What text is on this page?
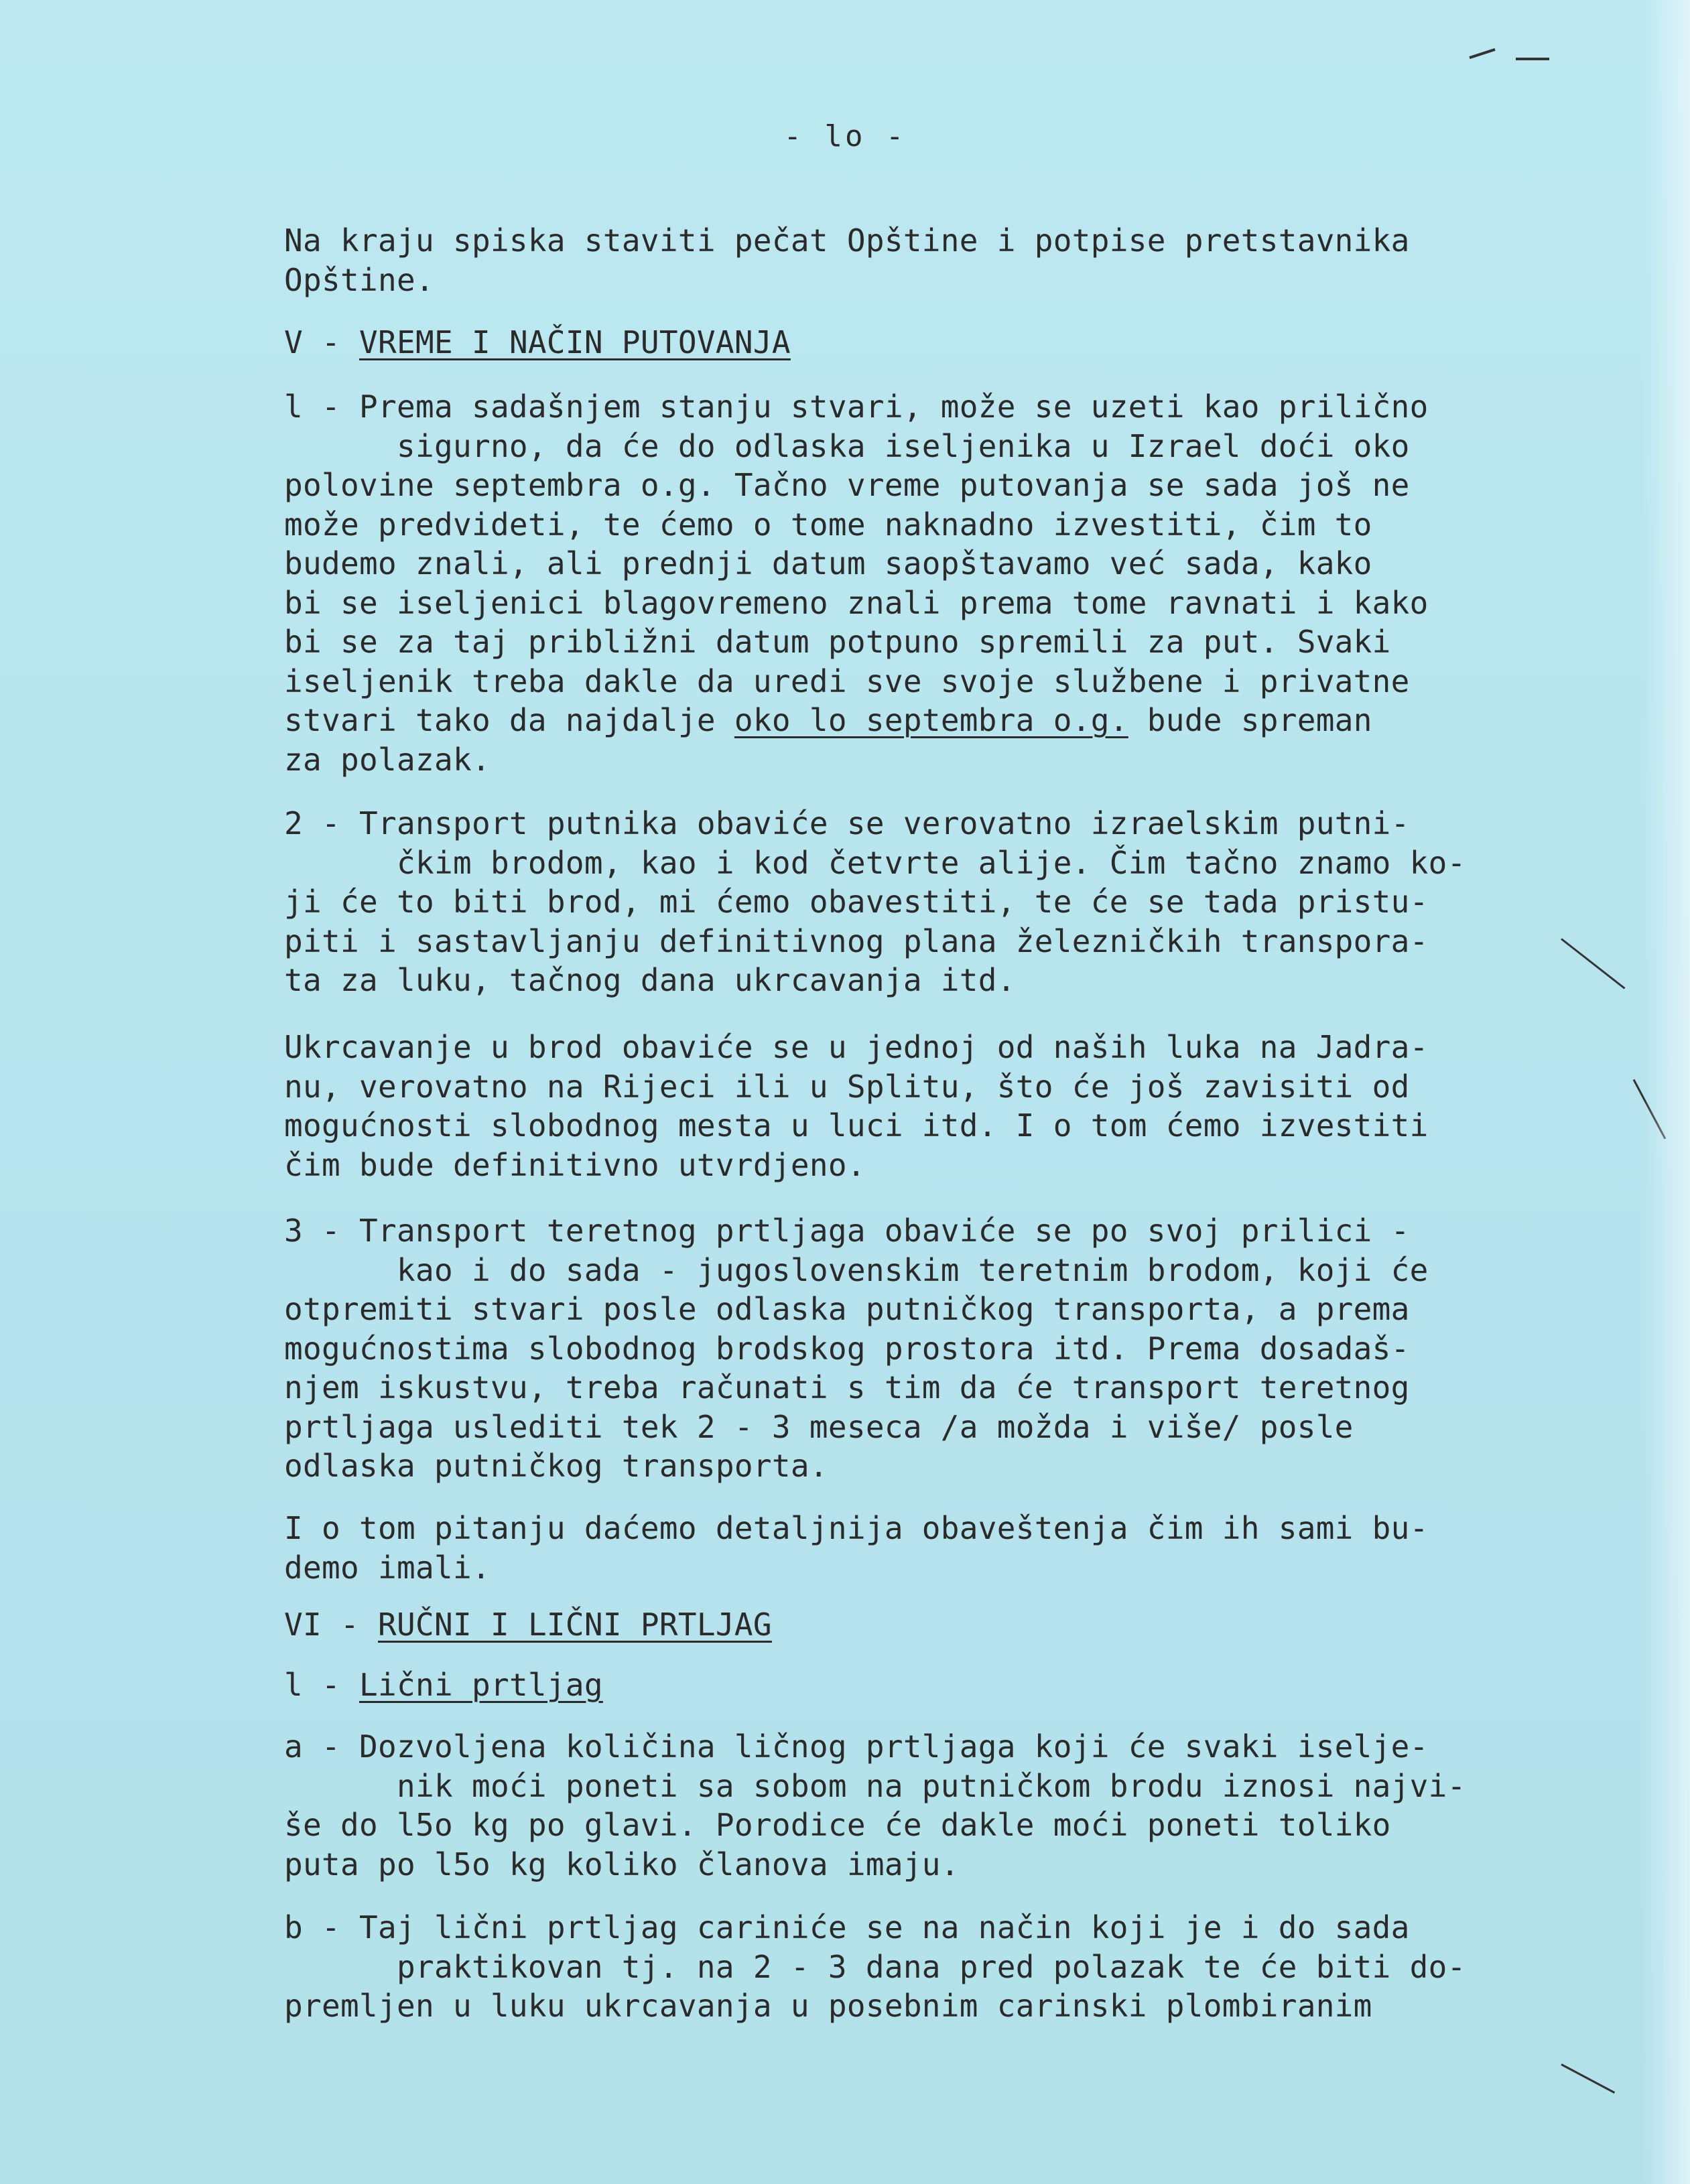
- lo -
Na kraju spiska staviti pečat Opštine i potpise pretstavnika
Opštine.
V - VREME I NAČIN PUTOVANJA
l - Prema sadašnjem stanju stvari, može se uzeti kao prilično
sigurno, da će do odlaska iseljenika u Izrael doći oko
polovine septembra o.g. Tačno vreme putovanja se sada još ne
može predvideti, te ćemo o tome naknadno izvestiti, čim to
budemo znali, ali prednji datum saopštavamo već sada, kako
bi se iseljenici blagovremeno znali prema tome ravnati i kako
bi se za taj približni datum potpuno spremili za put. Svaki
iseljenik treba dakle da uredi sve svoje službene i privatne
stvari tako da najdalje oko lo septembra o.g. bude spreman
za polazak.
2 - Transport putnika obaviće se verovatno izraelskim putni-
čkim brodom, kao i kod četvrte alije. Čim tačno znamo ko-
ji će to biti brod, mi ćemo obavestiti, te će se tada pristu-
piti i sastavljanju definitivnog plana železničkih transpora-
ta za luku, tačnog dana ukrcavanja itd.
Ukrcavanje u brod obaviće se u jednoj od naših luka na Jadra-
nu, verovatno na Rijeci ili u Splitu, što će još zavisiti od
mogućnosti slobodnog mesta u luci itd. I o tom ćemo izvestiti
čim bude definitivno utvrdjeno.
3 - Transport teretnog prtljaga obaviće se po svoj prilici -
kao i do sada - jugoslovenskim teretnim brodom, koji će
otpremiti stvari posle odlaska putničkog transporta, a prema
mogućnostima slobodnog brodskog prostora itd. Prema dosadaš-
njem iskustvu, treba računati s tim da će transport teretnog
prtljaga uslediti tek 2 - 3 meseca /a možda i više/ posle
odlaska putničkog transporta.
I o tom pitanju daćemo detaljnija obaveštenja čim ih sami bu-
demo imali.
VI - RUČNI I LIČNI PRTLJAG
l - Lični prtljag
a - Dozvoljena količina ličnog prtljaga koji će svaki iselje-
nik moći poneti sa sobom na putničkom brodu iznosi najvi-
še do l5o kg po glavi. Porodice će dakle moći poneti toliko
puta po l5o kg koliko članova imaju.
b - Taj lični prtljag cariniće se na način koji je i do sada
praktikovan tj. na 2 - 3 dana pred polazak te će biti do-
premljen u luku ukrcavanja u posebnim carinski plombiranim
